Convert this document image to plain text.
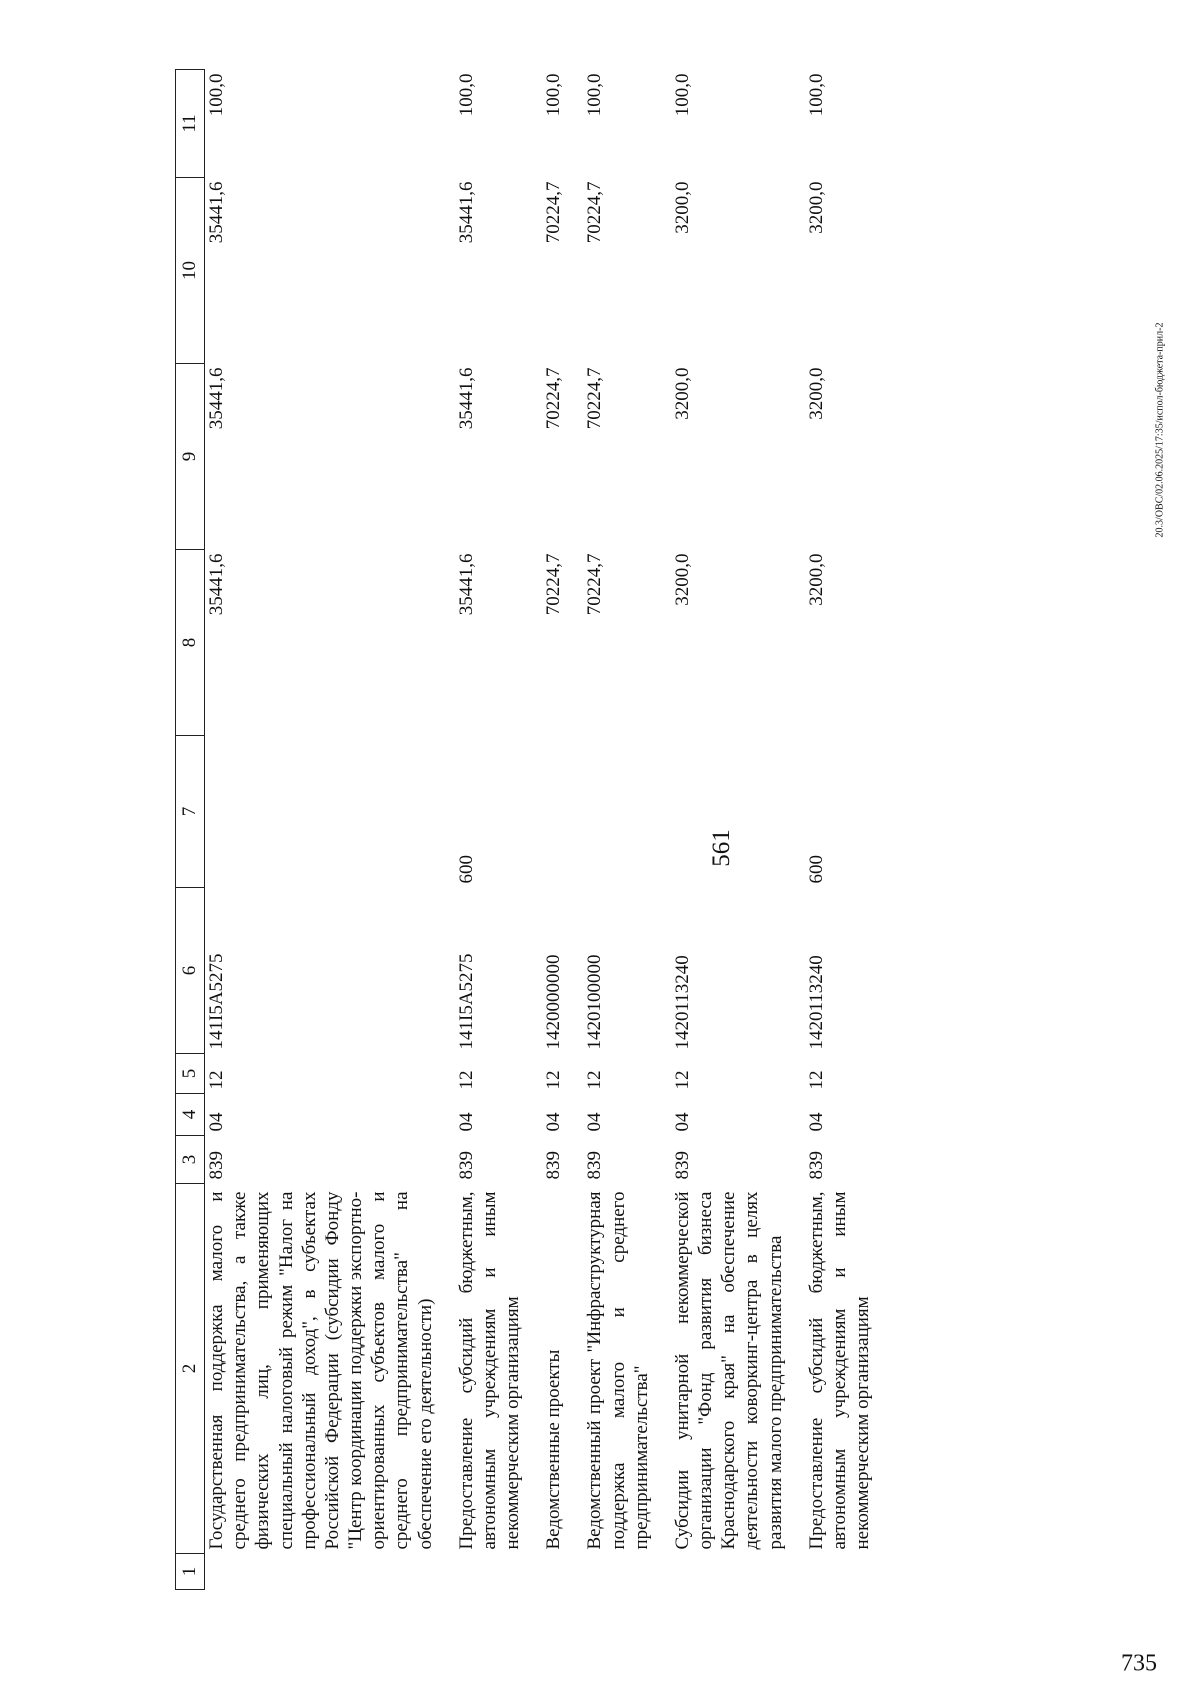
561
1	2	3	4	5	6	7	8	9	10	11
	Государственная поддержка малого и среднего предпринимательства, а также физических лиц, применяющих специальный налоговый режим "Налог на профессиональный доход", в субъектах Российской Федерации (субсидии Фонду "Центр координации поддержки экспортно-ориентированных субъектов малого и среднего предпринимательства" на обеспечение его деятельности)	839	04	12	141I5A5275		35441,6	35441,6	35441,6	100,0
	Предоставление субсидий бюджетным, автономным учреждениям и иным некоммерческим организациям	839	04	12	141I5A5275	600	35441,6	35441,6	35441,6	100,0
	Ведомственные проекты	839	04	12	1420000000		70224,7	70224,7	70224,7	100,0
	Ведомственный проект "Инфраструктурная поддержка малого и среднего предпринимательства"	839	04	12	1420100000		70224,7	70224,7	70224,7	100,0
	Субсидии унитарной некоммерческой организации "Фонд развития бизнеса Краснодарского края" на обеспечение деятельности коворкинг-центра в целях развития малого предпринимательства	839	04	12	1420113240		3200,0	3200,0	3200,0	100,0
	Предоставление субсидий бюджетным, автономным учреждениям и иным некоммерческим организациям	839	04	12	1420113240	600	3200,0	3200,0	3200,0	100,0
20.3/ОВС/02.06.2025/17:35/испол-бюджета-прил-2
735
